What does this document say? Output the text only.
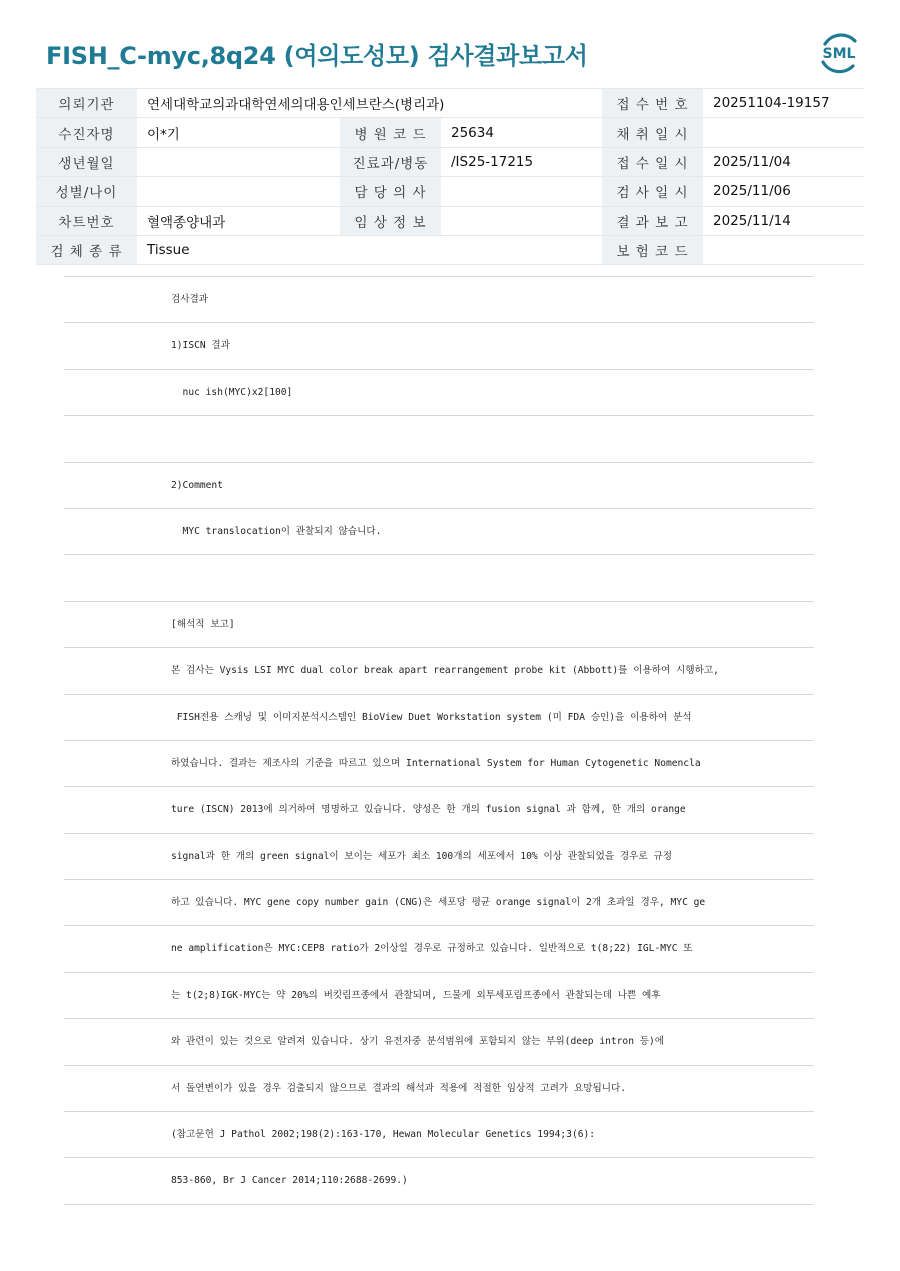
FISH_C-myc,8q24 (여의도성모) 검사결과보고서	SML
의뢰기관	연세대학교의과대학연세의대용인세브란스(병리과)			접 수 번 호	20251104-19157
수진자명	이*기	병 원 코 드	25634	채 취 일 시	
생년월일		진료과/병동	/IS25-17215	접 수 일 시	2025/11/04
성별/나이		담 당 의 사		검 사 일 시	2025/11/06
차트번호	혈액종양내과	임 상 정 보		결 과 보 고	2025/11/14
검 체 종 류	Tissue			보 험 코 드	
검사결과
1)ISCN 결과
nuc ish(MYC)x2[100]
2)Comment
MYC translocation이 관찰되지 않습니다.
[해석적 보고]
본 검사는 Vysis LSI MYC dual color break apart rearrangement probe kit (Abbott)를 이용하여 시행하고,
FISH전용 스캐닝 및 이미지분석시스템인 BioView Duet Workstation system (미 FDA 승인)을 이용하여 분석
하였습니다. 결과는 제조사의 기준을 따르고 있으며 International System for Human Cytogenetic Nomencla
ture (ISCN) 2013에 의거하여 명명하고 있습니다. 양성은 한 개의 fusion signal 과 함께, 한 개의 orange
signal과 한 개의 green signal이 보이는 세포가 최소 100개의 세포에서 10% 이상 관찰되었을 경우로 규정
하고 있습니다. MYC gene copy number gain (CNG)은 세포당 평균 orange signal이 2개 초과일 경우, MYC ge
ne amplification은 MYC:CEP8 ratio가 2이상일 경우로 규정하고 있습니다. 일반적으로 t(8;22) IGL-MYC 또
는 t(2;8)IGK-MYC는 약 20%의 버킷림프종에서 관찰되며, 드물게 외투세포림프종에서 관찰되는데 나쁜 예후
와 관련이 있는 것으로 알려져 있습니다. 상기 유전자중 분석범위에 포함되지 않는 부위(deep intron 등)에
서 돌연변이가 있을 경우 검출되지 않으므로 결과의 해석과 적용에 적절한 임상적 고려가 요망됩니다.
(참고문헌 J Pathol 2002;198(2):163-170, Hewan Molecular Genetics 1994;3(6):
853-860, Br J Cancer 2014;110:2688-2699.)
